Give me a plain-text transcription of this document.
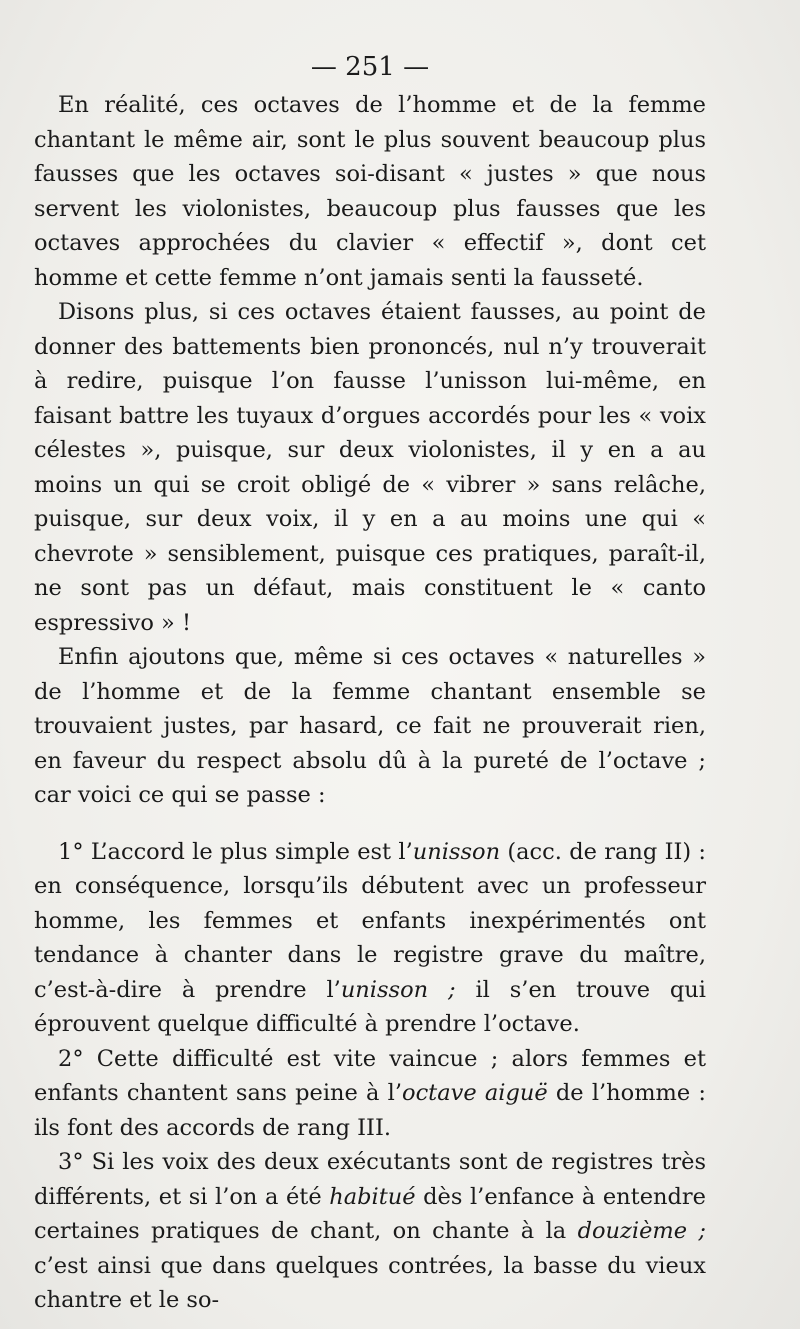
— 251 —

En réalité, ces octaves de l’homme et de la femme chantant le même air, sont le plus souvent beaucoup plus fausses que les octaves soi-disant « justes » que nous servent les violonistes, beaucoup plus fausses que les octaves approchées du clavier « effectif », dont cet homme et cette femme n’ont jamais senti la fausseté.

Disons plus, si ces octaves étaient fausses, au point de donner des battements bien prononcés, nul n’y trouverait à redire, puisque l’on fausse l’unisson lui-même, en faisant battre les tuyaux d’orgues accordés pour les « voix célestes », puisque, sur deux violonistes, il y en a au moins un qui se croit obligé de « vibrer » sans relâche, puisque, sur deux voix, il y en a au moins une qui « chevrote » sensiblement, puisque ces pratiques, paraît-il, ne sont pas un défaut, mais constituent le « canto espressivo » !

Enfin ajoutons que, même si ces octaves « naturelles » de l’homme et de la femme chantant ensemble se trouvaient justes, par hasard, ce fait ne prouverait rien, en faveur du respect absolu dû à la pureté de l’octave ; car voici ce qui se passe :

1° L’accord le plus simple est l’unisson (acc. de rang II) : en conséquence, lorsqu’ils débutent avec un professeur homme, les femmes et enfants inexpérimentés ont tendance à chanter dans le registre grave du maître, c’est-à-dire à prendre l’unisson ; il s’en trouve qui éprouvent quelque difficulté à prendre l’octave.

2° Cette difficulté est vite vaincue ; alors femmes et enfants chantent sans peine à l’octave aiguë de l’homme : ils font des accords de rang III.

3° Si les voix des deux exécutants sont de registres très différents, et si l’on a été habitué dès l’enfance à entendre certaines pratiques de chant, on chante à la douzième ; c’est ainsi que dans quelques contrées, la basse du vieux chantre et le so-
